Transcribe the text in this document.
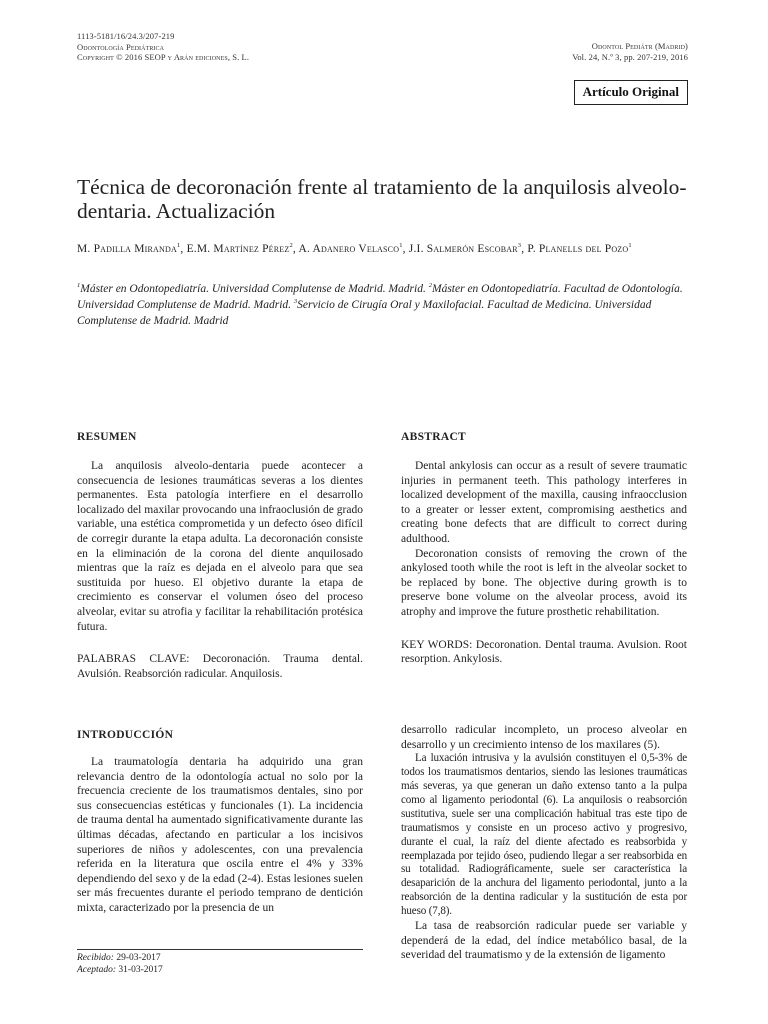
1113-5181/16/24.3/207-219
Odontología Pediátrica
Copyright © 2016 SEOP y Arán ediciones, S. L.
Odontol Pediátr (Madrid)
Vol. 24, N.º 3, pp. 207-219, 2016
Artículo Original
Técnica de decoronación frente al tratamiento de la anquilosis alveolo-dentaria. Actualización
M. Padilla Miranda$^1$, E.M. Martínez Pérez$^2$, A. Adanero Velasco$^1$, J.I. Salmerón Escobar$^3$, P. Planells del Pozo$^1$
$^1$Máster en Odontopediatría. Universidad Complutense de Madrid. Madrid. $^2$Máster en Odontopediatría. Facultad de Odontología. Universidad Complutense de Madrid. Madrid. $^3$Servicio de Cirugía Oral y Maxilofacial. Facultad de Medicina. Universidad Complutense de Madrid. Madrid
RESUMEN

La anquilosis alveolo-dentaria puede acontecer a consecuencia de lesiones traumáticas severas a los dientes permanentes. Esta patología interfiere en el desarrollo localizado del maxilar provocando una infraoclusión de grado variable, una estética comprometida y un defecto óseo difícil de corregir durante la etapa adulta. La decoronación consiste en la eliminación de la corona del diente anquilosado mientras que la raíz es dejada en el alveolo para que sea sustituida por hueso. El objetivo durante la etapa de crecimiento es conservar el volumen óseo del proceso alveolar, evitar su atrofia y facilitar la rehabilitación protésica futura.

PALABRAS CLAVE: Decoronación. Trauma dental. Avulsión. Reabsorción radicular. Anquilosis.
ABSTRACT

Dental ankylosis can occur as a result of severe traumatic injuries in permanent teeth. This pathology interferes in localized development of the maxilla, causing infraocclusion to a greater or lesser extent, compromising aesthetics and creating bone defects that are difficult to correct during adulthood.

Decoronation consists of removing the crown of the ankylosed tooth while the root is left in the alveolar socket to be replaced by bone. The objective during growth is to preserve bone volume on the alveolar process, avoid its atrophy and improve the future prosthetic rehabilitation.

KEY WORDS: Decoronation. Dental trauma. Avulsion. Root resorption. Ankylosis.
INTRODUCCIÓN

La traumatología dentaria ha adquirido una gran relevancia dentro de la odontología actual no solo por la frecuencia creciente de los traumatismos dentales, sino por sus consecuencias estéticas y funcionales (1). La incidencia de trauma dental ha aumentado significativamente durante las últimas décadas, afectando en particular a los incisivos superiores de niños y adolescentes, con una prevalencia referida en la literatura que oscila entre el 4% y 33% dependiendo del sexo y de la edad (2-4). Estas lesiones suelen ser más frecuentes durante el periodo temprano de dentición mixta, caracterizado por la presencia de un

desarrollo radicular incompleto, un proceso alveolar en desarrollo y un crecimiento intenso de los maxilares (5).

La luxación intrusiva y la avulsión constituyen el 0,5-3% de todos los traumatismos dentarios, siendo las lesiones traumáticas más severas, ya que generan un daño extenso tanto a la pulpa como al ligamento periodontal (6). La anquilosis o reabsorción sustitutiva, suele ser una complicación habitual tras este tipo de traumatismos y consiste en un proceso activo y progresivo, durante el cual, la raíz del diente afectado es reabsorbida y reemplazada por tejido óseo, pudiendo llegar a ser reabsorbida en su totalidad. Radiográficamente, suele ser característica la desaparición de la anchura del ligamento periodontal, junto a la reabsorción de la dentina radicular y la sustitución de esta por hueso (7,8).

La tasa de reabsorción radicular puede ser variable y dependerá de la edad, del índice metabólico basal, de la severidad del traumatismo y de la extensión de ligamento

Recibido: 29-03-2017
Aceptado: 31-03-2017
